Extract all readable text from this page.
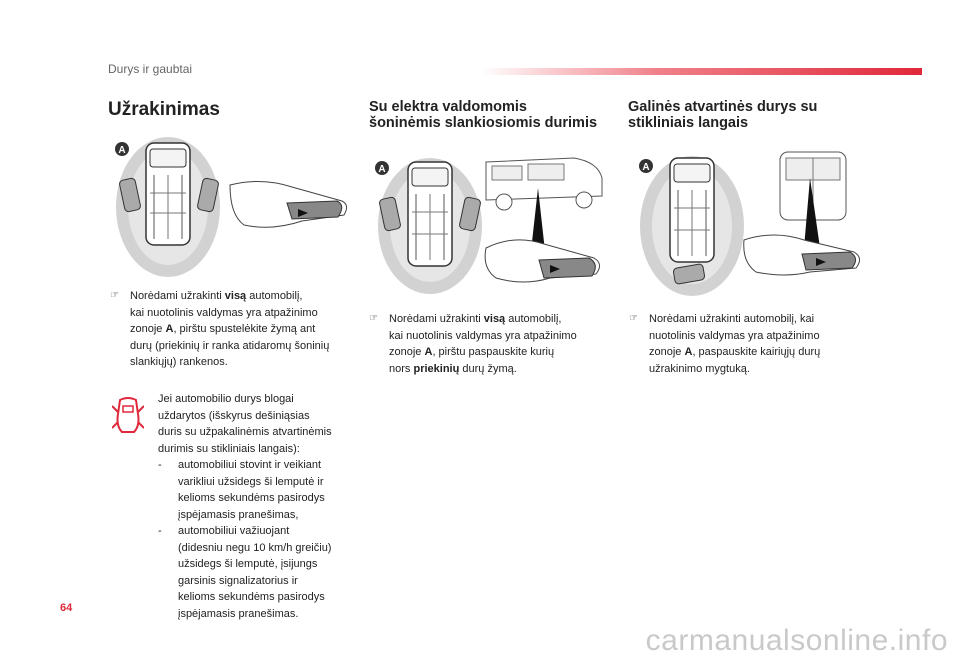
Durys ir gaubtai
Užrakinimas
A
☞ Norėdami užrakinti visą automobilį,
kai nuotolinis valdymas yra atpažinimo
zonoje A, pirštu spustelėkite žymą ant
durų (priekinių ir ranka atidaromų šoninių
slankiųjų) rankenos.
Jei automobilio durys blogai
uždarytos (išskyrus dešiniąsias
duris su užpakalinėmis atvartinėmis
durimis su stikliniais langais):
- automobiliui stovint ir veikiant
varikliui užsidegs ši lemputė ir
kelioms sekundėms pasirodys
įspėjamasis pranešimas,
- automobiliui važiuojant
(didesniu negu 10 km/h greičiu)
užsidegs ši lemputė, įsijungs
garsinis signalizatorius ir
kelioms sekundėms pasirodys
įspėjamasis pranešimas.
Su elektra valdomomis
šoninėmis slankiosiomis durimis
A
☞ Norėdami užrakinti visą automobilį,
kai nuotolinis valdymas yra atpažinimo
zonoje A, pirštu paspauskite kurių
nors priekinių durų žymą.
Galinės atvartinės durys su
stikliniais langais
A
☞ Norėdami užrakinti automobilį, kai
nuotolinis valdymas yra atpažinimo
zonoje A, paspauskite kairiųjų durų
užrakinimo mygtuką.
64
carmanualsonline.info
